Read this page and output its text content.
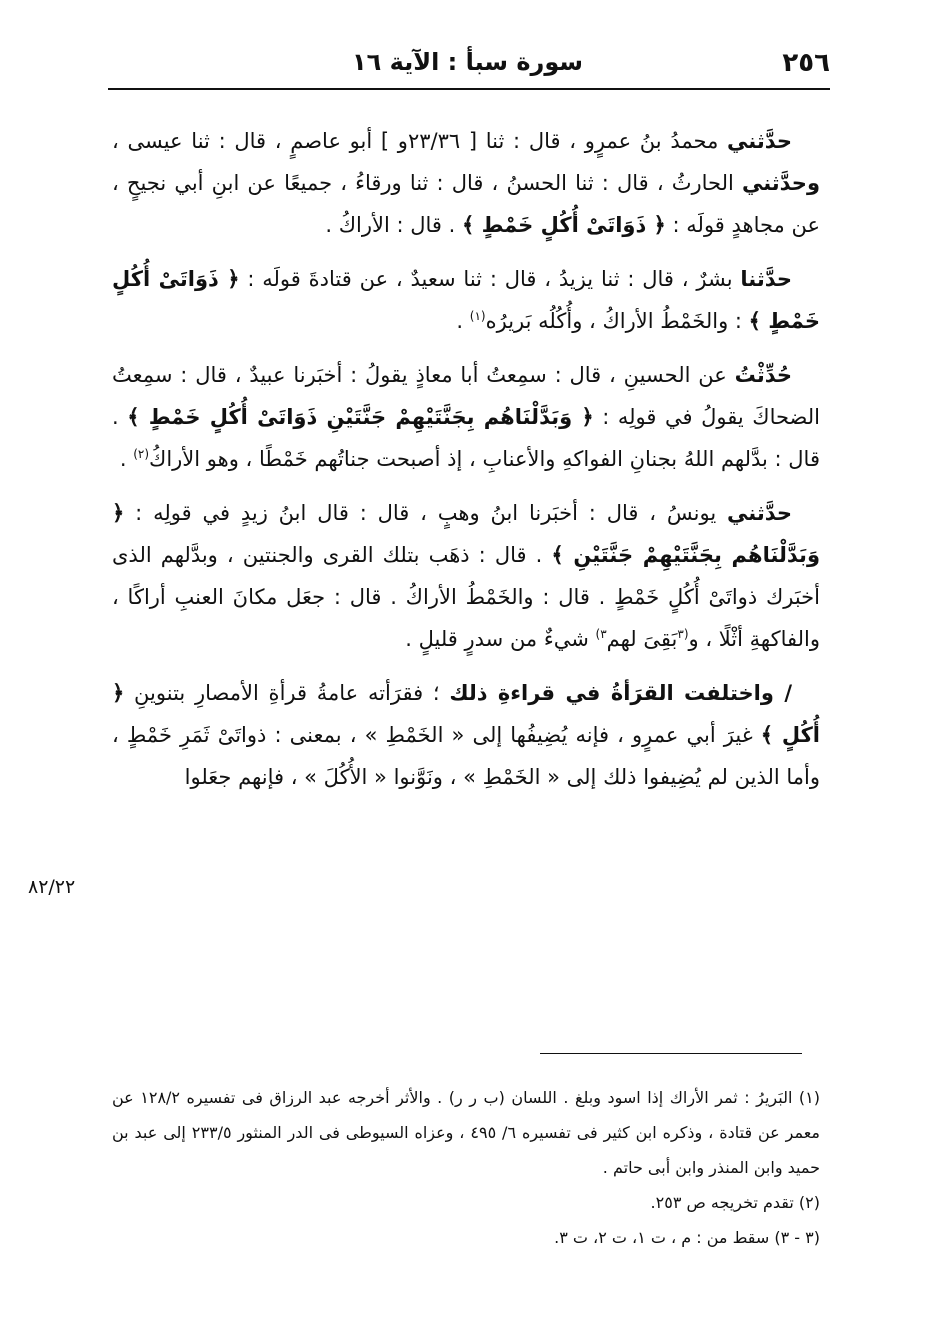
٢٥٦
سورة سبأ : الآية ١٦
٨٢/٢٢

حدَّثني محمدُ بنُ عمرٍو ، قال : ثنا [ ٢٣/٣٦و ] أبو عاصمٍ ، قال : ثنا عيسى ، وحدَّثني الحارثُ ، قال : ثنا الحسنُ ، قال : ثنا ورقاءُ ، جميعًا عن ابنِ أبي نجيحٍ ، عن مجاهدٍ قولَه : ﴿ ذَوَاتَىْ أُكُلٍ خَمْطٍ ﴾ . قال : الأراكُ .

حدَّثنا بشرٌ ، قال : ثنا يزيدُ ، قال : ثنا سعيدٌ ، عن قتادةَ قولَه : ﴿ ذَوَاتَىْ أُكُلٍ خَمْطٍ ﴾ : والخَمْطُ الأراكُ ، وأُكُلُه بَريرُه$^{(١)}$ .

حُدِّثْتُ عن الحسينِ ، قال : سمِعتُ أبا معاذٍ يقولُ : أخبَرنا عبيدٌ ، قال : سمِعتُ الضحاكَ يقولُ في قولِه : ﴿ وَبَدَّلْنَاهُم بِجَنَّتَيْهِمْ جَنَّتَيْنِ ذَوَاتَىْ أُكُلٍ خَمْطٍ ﴾ . قال : بدَّلهم اللهُ بجنانِ الفواكهِ والأعنابِ ، إذ أصبحت جناتُهم خَمْطًا ، وهو الأراكُ$^{(٢)}$ .

حدَّثني يونسُ ، قال : أخبَرنا ابنُ وهبٍ ، قال : قال ابنُ زيدٍ في قولِه : ﴿ وَبَدَّلْنَاهُم بِجَنَّتَيْهِمْ جَنَّتَيْنِ ﴾ . قال : ذهَب بتلك القرى والجنتين ، وبدَّلهم الذى أخبَرك ذواتَىْ أُكُلٍ خَمْطٍ . قال : والخَمْطُ الأراكُ . قال : جعَل مكانَ العنبِ أراكًا ، والفاكهةِ أثْلًا ، و$^{(٣}$بَقِىَ لهم$^{٣)}$ شيءٌ من سدرٍ قليلٍ .

/ واختلفت القرَأةُ في قراءةِ ذلك ؛ فقرَأته عامةُ قرأةِ الأمصارِ بتنوينِ ﴿ أُكُلٍ ﴾ غيرَ أبي عمرٍو ، فإنه يُضِيفُها إلى « الخَمْطِ » ، بمعنى : ذواتَىْ ثَمَرِ خَمْطٍ ، وأما الذين لم يُضِيفوا ذلك إلى « الخَمْطِ » ، ونَوَّنوا « الأُكُلَ » ، فإنهم جعَلوا

(١) البَريرُ : ثمر الأراك إذا اسود وبلغ . اللسان (ب ر ر) . والأثر أخرجه عبد الرزاق فى تفسيره ١٢٨/٢ عن معمر عن قتادة ، وذكره ابن كثير فى تفسيره ٦/ ٤٩٥ ، وعزاه السيوطى فى الدر المنثور ٢٣٣/٥ إلى عبد بن حميد وابن المنذر وابن أبى حاتم .

(٢) تقدم تخريجه ص ٢٥٣.

(٣ - ٣) سقط من : م ، ت ١، ت ٢، ت ٣.
